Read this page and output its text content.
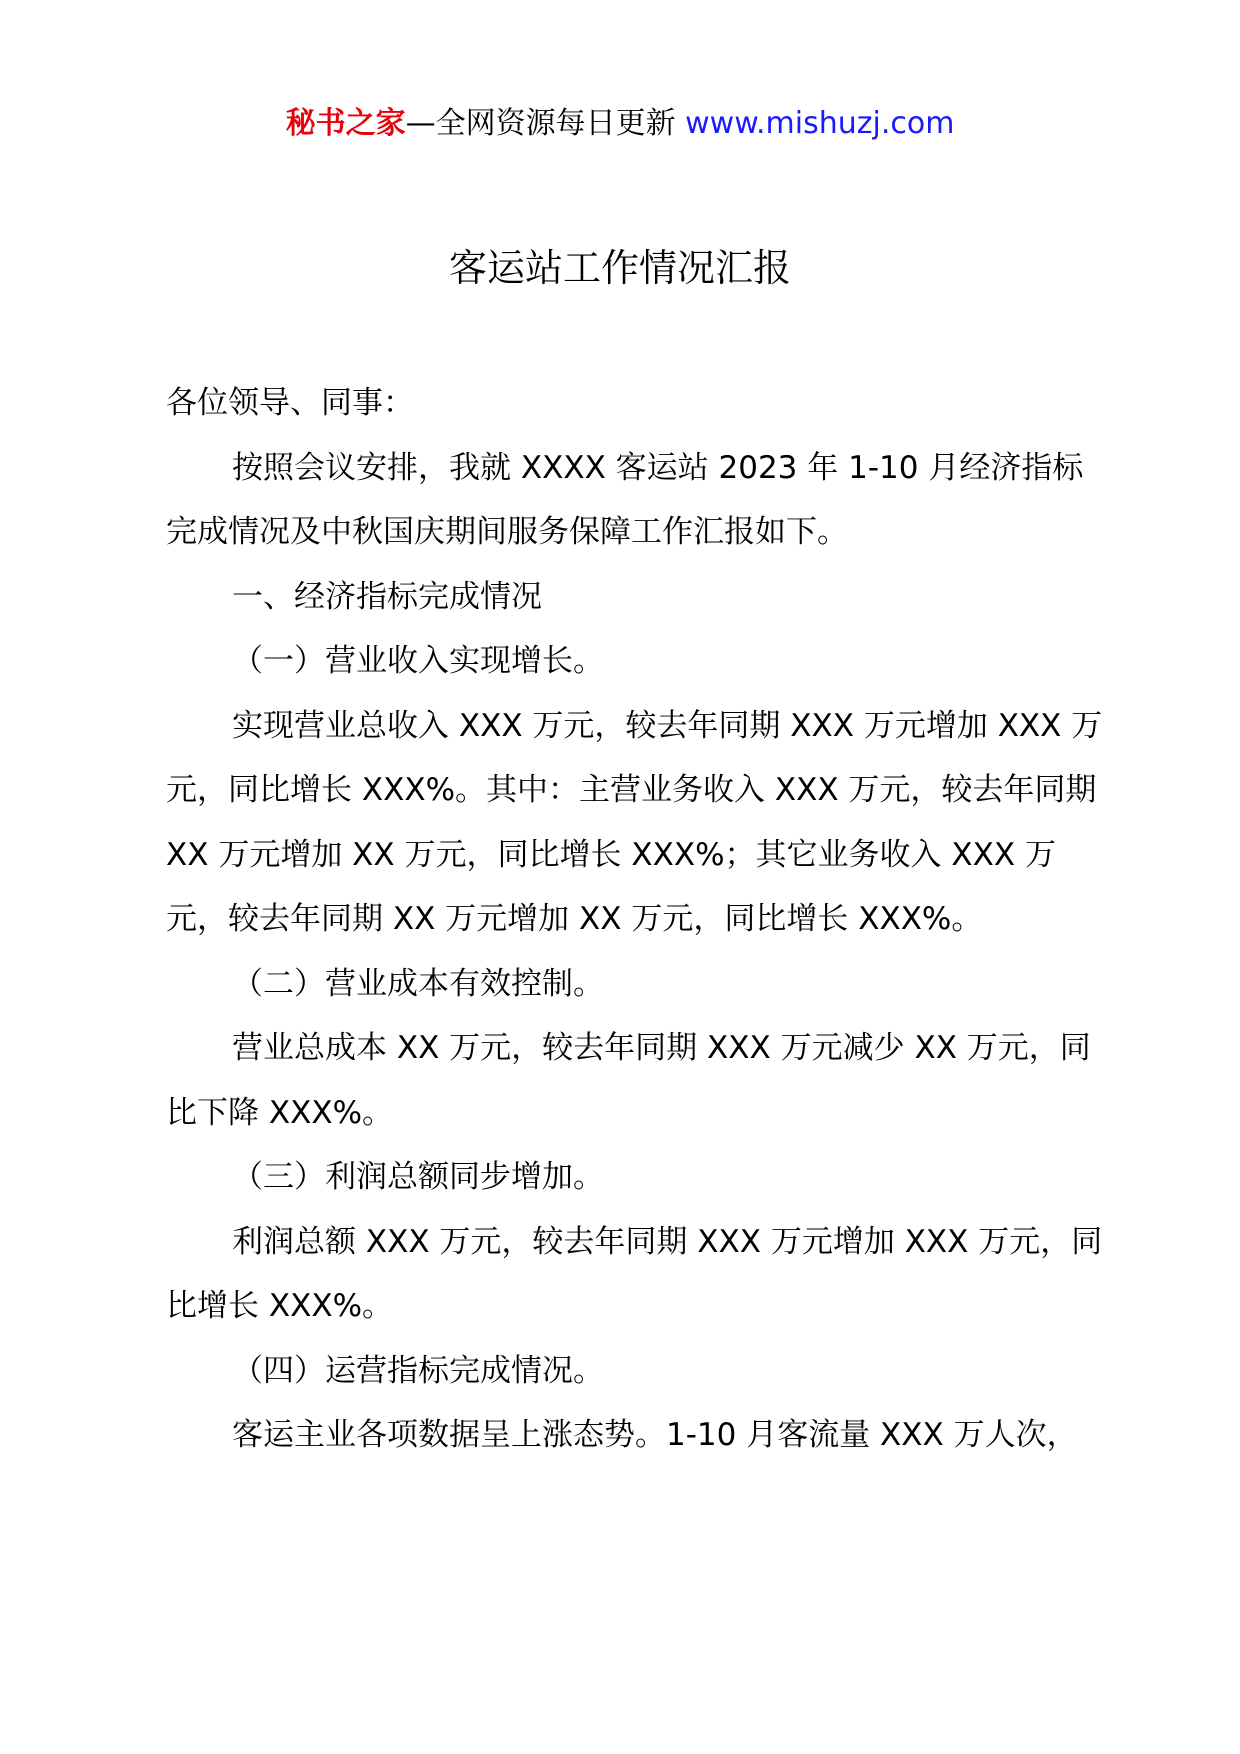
秘书之家—全网资源每日更新 www.mishuzj.com
客运站工作情况汇报

各位领导、同事：

按照会议安排，我就 XXXX 客运站 2023 年 1-10 月经济指标完成情况及中秋国庆期间服务保障工作汇报如下。

一、经济指标完成情况

（一）营业收入实现增长。

实现营业总收入 XXX 万元，较去年同期 XXX 万元增加 XXX 万元，同比增长 XXX%。其中：主营业务收入 XXX 万元，较去年同期 XX 万元增加 XX 万元，同比增长 XXX%；其它业务收入 XXX 万元，较去年同期 XX 万元增加 XX 万元，同比增长 XXX%。

（二）营业成本有效控制。

营业总成本 XX 万元，较去年同期 XXX 万元减少 XX 万元，同比下降 XXX%。

（三）利润总额同步增加。

利润总额 XXX 万元，较去年同期 XXX 万元增加 XXX 万元，同比增长 XXX%。

（四）运营指标完成情况。

客运主业各项数据呈上涨态势。1-10 月客流量 XXX 万人次，
